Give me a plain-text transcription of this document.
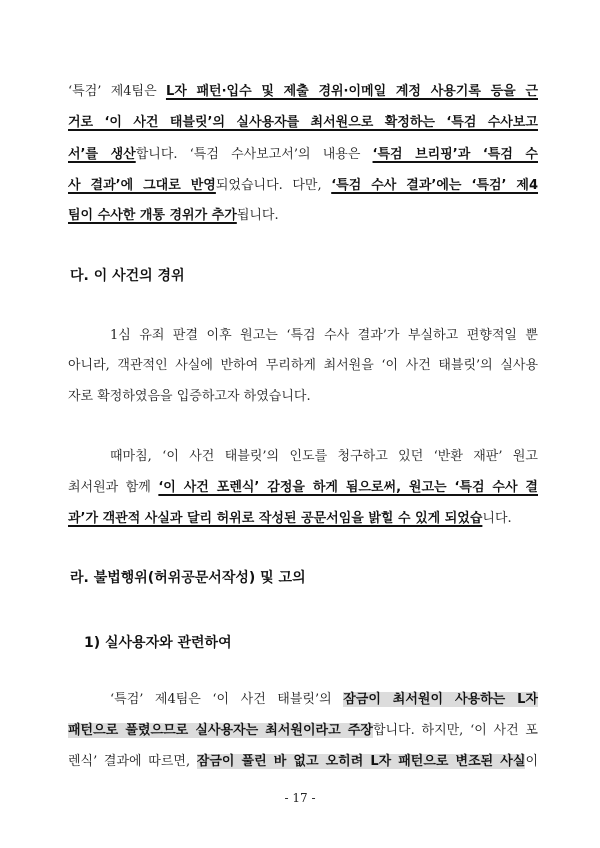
‘특검’ 제4팀은 L자 패턴·입수 및 제출 경위·이메일 계정 사용기록 등을 근
거로 ‘이 사건 태블릿’의 실사용자를 최서원으로 확정하는 ‘특검 수사보고
서’를 생산합니다. ‘특검 수사보고서’의 내용은 ‘특검 브리핑’과 ‘특검 수
사 결과’에 그대로 반영되었습니다. 다만, ‘특검 수사 결과’에는 ‘특검’ 제4
팀이 수사한 개통 경위가 추가됩니다.
다. 이 사건의 경위
1심 유죄 판결 이후 원고는 ‘특검 수사 결과’가 부실하고 편향적일 뿐
아니라, 객관적인 사실에 반하여 무리하게 최서원을 ‘이 사건 태블릿’의 실사용
자로 확정하였음을 입증하고자 하였습니다.
때마침, ‘이 사건 태블릿’의 인도를 청구하고 있던 ‘반환 재판’ 원고
최서원과 함께 ‘이 사건 포렌식’ 감정을 하게 됨으로써, 원고는 ‘특검 수사 결
과’가 객관적 사실과 달리 허위로 작성된 공문서임을 밝힐 수 있게 되었습니다.
라. 불법행위(허위공문서작성) 및 고의
1) 실사용자와 관련하여
‘특검’ 제4팀은 ‘이 사건 태블릿’의 잠금이 최서원이 사용하는 L자
패턴으로 풀렸으므로 실사용자는 최서원이라고 주장합니다. 하지만, ‘이 사건 포
렌식’ 결과에 따르면, 잠금이 풀린 바 없고 오히려 L자 패턴으로 변조된 사실이
- 17 -
